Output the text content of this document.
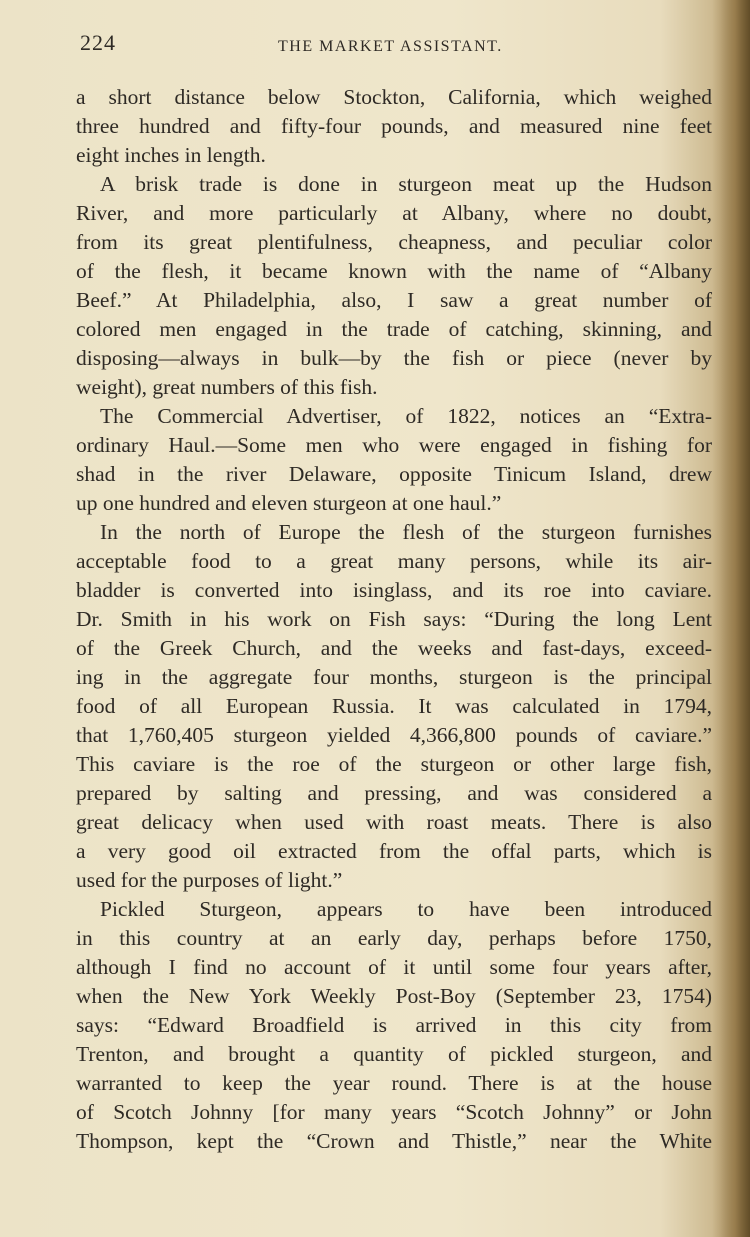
224	THE MARKET ASSISTANT.
a short distance below Stockton, California, which weighed
three hundred and fifty-four pounds, and measured nine feet
eight inches in length.
A brisk trade is done in sturgeon meat up the Hudson
River, and more particularly at Albany, where no doubt,
from its great plentifulness, cheapness, and peculiar color
of the flesh, it became known with the name of “Albany
Beef.” At Philadelphia, also, I saw a great number of
colored men engaged in the trade of catching, skinning, and
disposing—always in bulk—by the fish or piece (never by
weight), great numbers of this fish.
The Commercial Advertiser, of 1822, notices an “Extra-
ordinary Haul.—Some men who were engaged in fishing for
shad in the river Delaware, opposite Tinicum Island, drew
up one hundred and eleven sturgeon at one haul.”
In the north of Europe the flesh of the sturgeon furnishes
acceptable food to a great many persons, while its air-
bladder is converted into isinglass, and its roe into caviare.
Dr. Smith in his work on Fish says: “During the long Lent
of the Greek Church, and the weeks and fast-days, exceed-
ing in the aggregate four months, sturgeon is the principal
food of all European Russia. It was calculated in 1794,
that 1,760,405 sturgeon yielded 4,366,800 pounds of caviare.”
This caviare is the roe of the sturgeon or other large fish,
prepared by salting and pressing, and was considered a
great delicacy when used with roast meats. There is also
a very good oil extracted from the offal parts, which is
used for the purposes of light.”
Pickled Sturgeon, appears to have been introduced
in this country at an early day, perhaps before 1750,
although I find no account of it until some four years after,
when the New York Weekly Post-Boy (September 23, 1754)
says: “Edward Broadfield is arrived in this city from
Trenton, and brought a quantity of pickled sturgeon, and
warranted to keep the year round. There is at the house
of Scotch Johnny [for many years “Scotch Johnny” or John
Thompson, kept the “Crown and Thistle,” near the White
